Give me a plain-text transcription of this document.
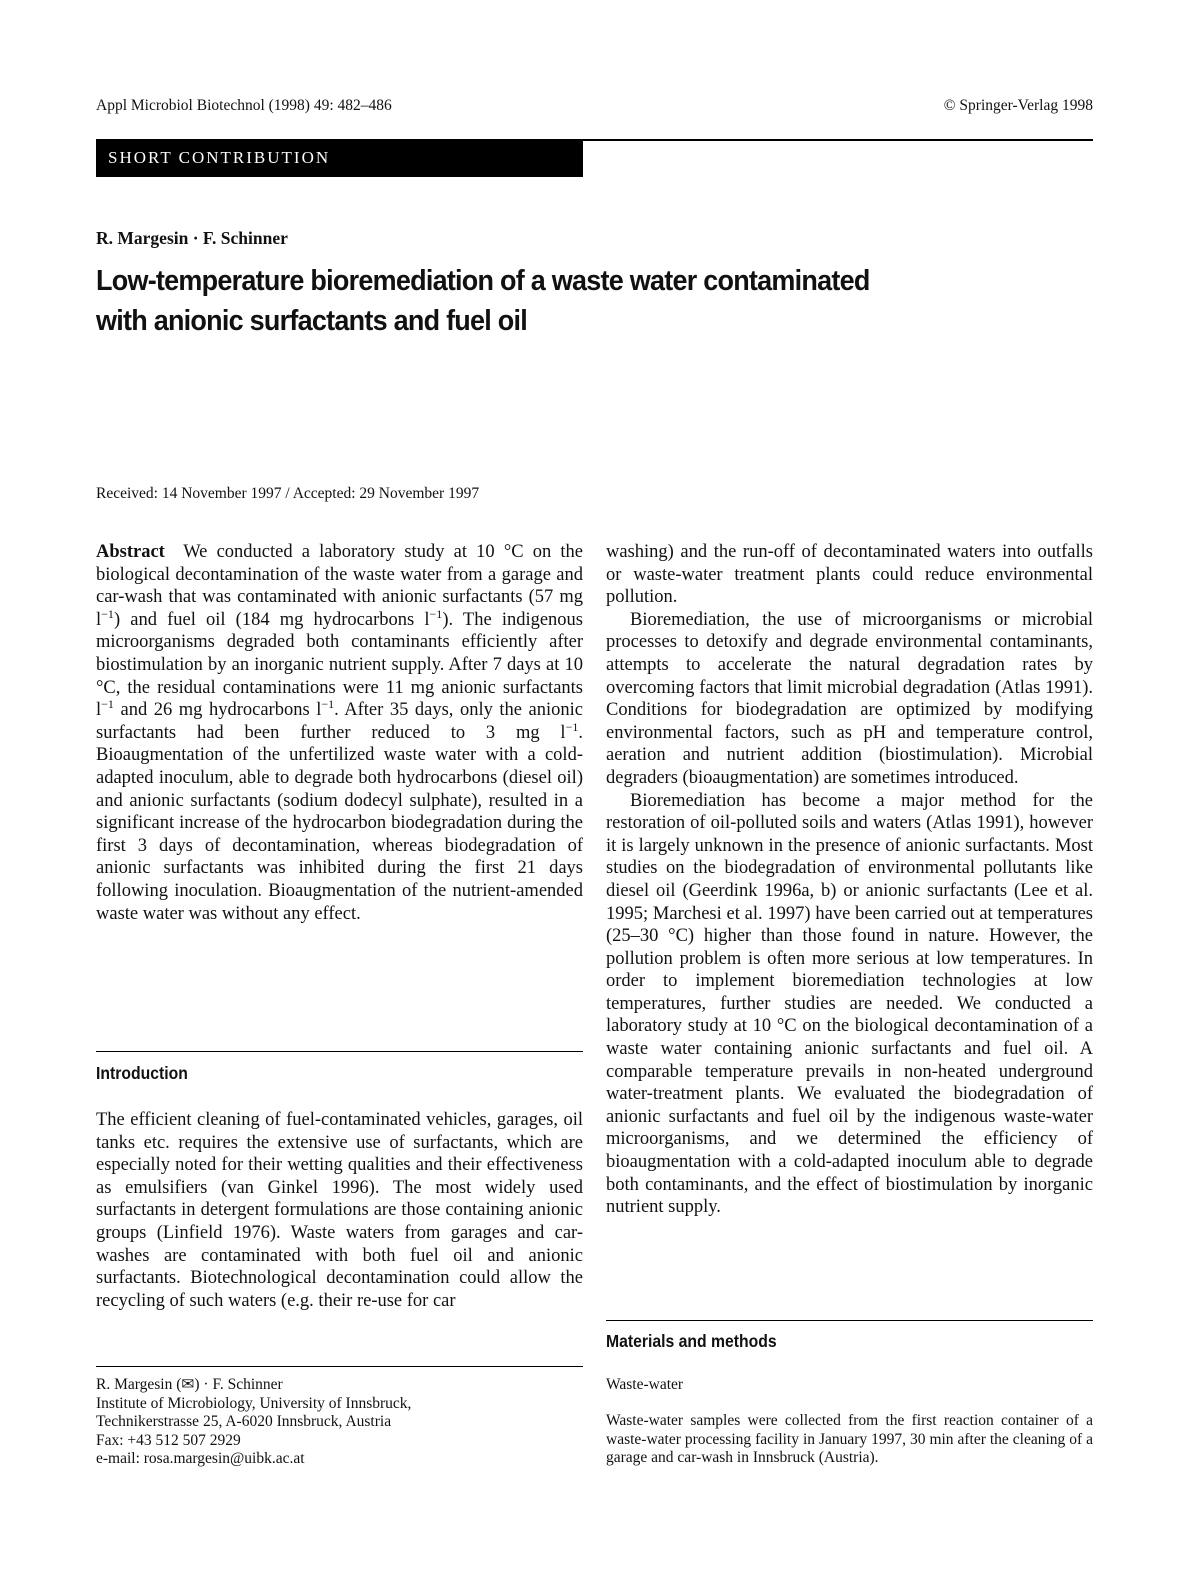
Appl Microbiol Biotechnol (1998) 49: 482–486	© Springer-Verlag 1998
SHORT CONTRIBUTION
R. Margesin · F. Schinner
Low-temperature bioremediation of a waste water contaminated
with anionic surfactants and fuel oil
Received: 14 November 1997 / Accepted: 29 November 1997

Abstract We conducted a laboratory study at 10 °C on the biological decontamination of the waste water from a garage and car-wash that was contaminated with anionic surfactants (57 mg $l^{-1}$) and fuel oil (184 mg hydrocarbons $l^{-1}$). The indigenous microorganisms degraded both contaminants efficiently after biostimulation by an inorganic nutrient supply. After 7 days at 10 °C, the residual contaminations were 11 mg anionic surfactants $l^{-1}$ and 26 mg hydrocarbons $l^{-1}$. After 35 days, only the anionic surfactants had been further reduced to 3 mg $l^{-1}$. Bioaugmentation of the unfertilized waste water with a cold-adapted inoculum, able to degrade both hydrocarbons (diesel oil) and anionic surfactants (sodium dodecyl sulphate), resulted in a significant increase of the hydrocarbon biodegradation during the first 3 days of decontamination, whereas biodegradation of anionic surfactants was inhibited during the first 21 days following inoculation. Bioaugmentation of the nutrient-amended waste water was without any effect.

Introduction

The efficient cleaning of fuel-contaminated vehicles, garages, oil tanks etc. requires the extensive use of surfactants, which are especially noted for their wetting qualities and their effectiveness as emulsifiers (van Ginkel 1996). The most widely used surfactants in detergent formulations are those containing anionic groups (Linfield 1976). Waste waters from garages and car-washes are contaminated with both fuel oil and anionic surfactants. Biotechnological decontamination could allow the recycling of such waters (e.g. their re-use for car

R. Margesin (✉) · F. Schinner

Institute of Microbiology, University of Innsbruck,

Technikerstrasse 25, A-6020 Innsbruck, Austria

Fax: +43 512 507 2929

e-mail: rosa.margesin@uibk.ac.at

washing) and the run-off of decontaminated waters into outfalls or waste-water treatment plants could reduce environmental pollution.

Bioremediation, the use of microorganisms or microbial processes to detoxify and degrade environmental contaminants, attempts to accelerate the natural degradation rates by overcoming factors that limit microbial degradation (Atlas 1991). Conditions for biodegradation are optimized by modifying environmental factors, such as pH and temperature control, aeration and nutrient addition (biostimulation). Microbial degraders (bioaugmentation) are sometimes introduced.

Bioremediation has become a major method for the restoration of oil-polluted soils and waters (Atlas 1991), however it is largely unknown in the presence of anionic surfactants. Most studies on the biodegradation of environmental pollutants like diesel oil (Geerdink 1996a, b) or anionic surfactants (Lee et al. 1995; Marchesi et al. 1997) have been carried out at temperatures (25–30 °C) higher than those found in nature. However, the pollution problem is often more serious at low temperatures. In order to implement bioremediation technologies at low temperatures, further studies are needed. We conducted a laboratory study at 10 °C on the biological decontamination of a waste water containing anionic surfactants and fuel oil. A comparable temperature prevails in non-heated underground water-treatment plants. We evaluated the biodegradation of anionic surfactants and fuel oil by the indigenous waste-water microorganisms, and we determined the efficiency of bioaugmentation with a cold-adapted inoculum able to degrade both contaminants, and the effect of biostimulation by inorganic nutrient supply.

Materials and methods
Waste-water
Waste-water samples were collected from the first reaction container of a waste-water processing facility in January 1997, 30 min after the cleaning of a garage and car-wash in Innsbruck (Austria).
